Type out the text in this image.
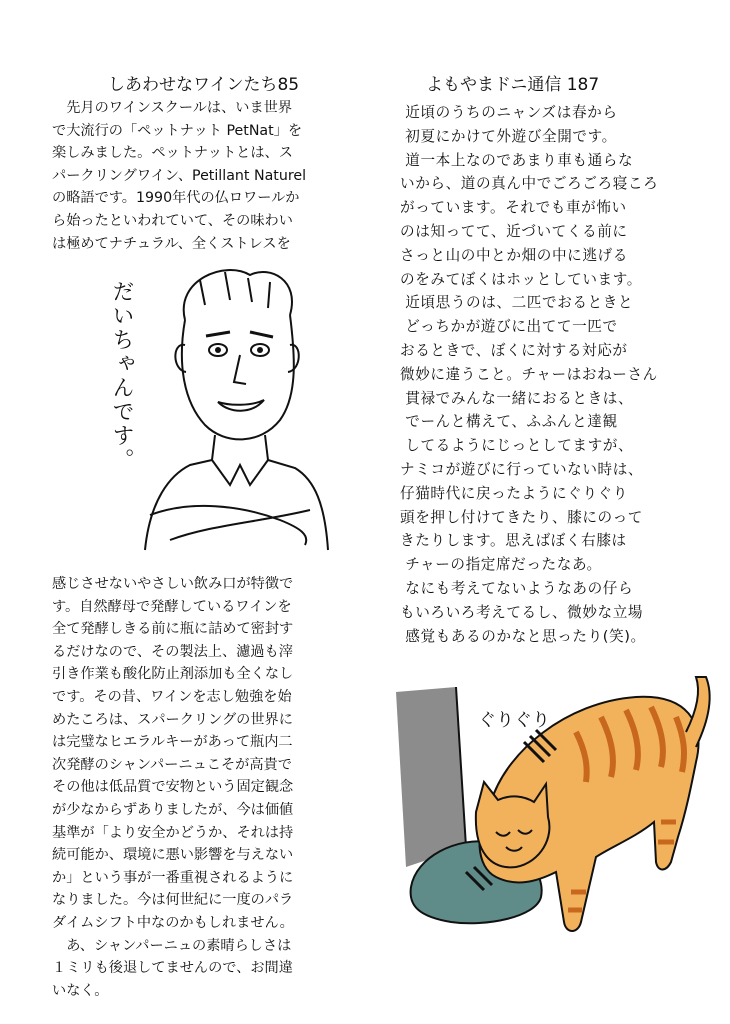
しあわせなワインたち85
　先月のワインスクールは、いま世界
で大流行の「ペットナット PetNat」を
楽しみました。ペットナットとは、ス
パークリングワイン、Petillant Naturel
の略語です。1990年代の仏ロワールか
ら始ったといわれていて、その味わい
は極めてナチュラル、全くストレスを
だいちゃんです。
感じさせないやさしい飲み口が特徴で
す。自然酵母で発酵しているワインを
全て発酵しきる前に瓶に詰めて密封す
るだけなので、その製法上、濾過も滓
引き作業も酸化防止剤添加も全くなし
です。その昔、ワインを志し勉強を始
めたころは、スパークリングの世界に
は完璧なヒエラルキーがあって瓶内二
次発酵のシャンパーニュこそが高貴で
その他は低品質で安物という固定観念
が少なからずありましたが、今は価値
基準が「より安全かどうか、それは持
続可能か、環境に悪い影響を与えない
か」という事が一番重視されるように
なりました。今は何世紀に一度のパラ
ダイムシフト中なのかもしれません。
　あ、シャンパーニュの素晴らしさは
１ミリも後退してませんので、お間違
いなく。
よもやまドニ通信 187
近頃のうちのニャンズは春から
初夏にかけて外遊び全開です。
道一本上なのであまり車も通らな
いから、道の真ん中でごろごろ寝ころ
がっています。それでも車が怖い
のは知ってて、近づいてくる前に
さっと山の中とか畑の中に逃げる
のをみてぼくはホッとしています。
近頃思うのは、二匹でおるときと
どっちかが遊びに出てて一匹で
おるときで、ぼくに対する対応が
微妙に違うこと。チャーはおねーさん
貫禄でみんな一緒におるときは、
でーんと構えて、ふふんと達観
してるようにじっとしてますが、
ナミコが遊びに行っていない時は、
仔猫時代に戻ったようにぐりぐり
頭を押し付けてきたり、膝にのって
きたりします。思えばぼく右膝は
チャーの指定席だったなあ。
なにも考えてないようなあの仔ら
もいろいろ考えてるし、微妙な立場
感覚もあるのかなと思ったり(笑)。
ぐりぐり
